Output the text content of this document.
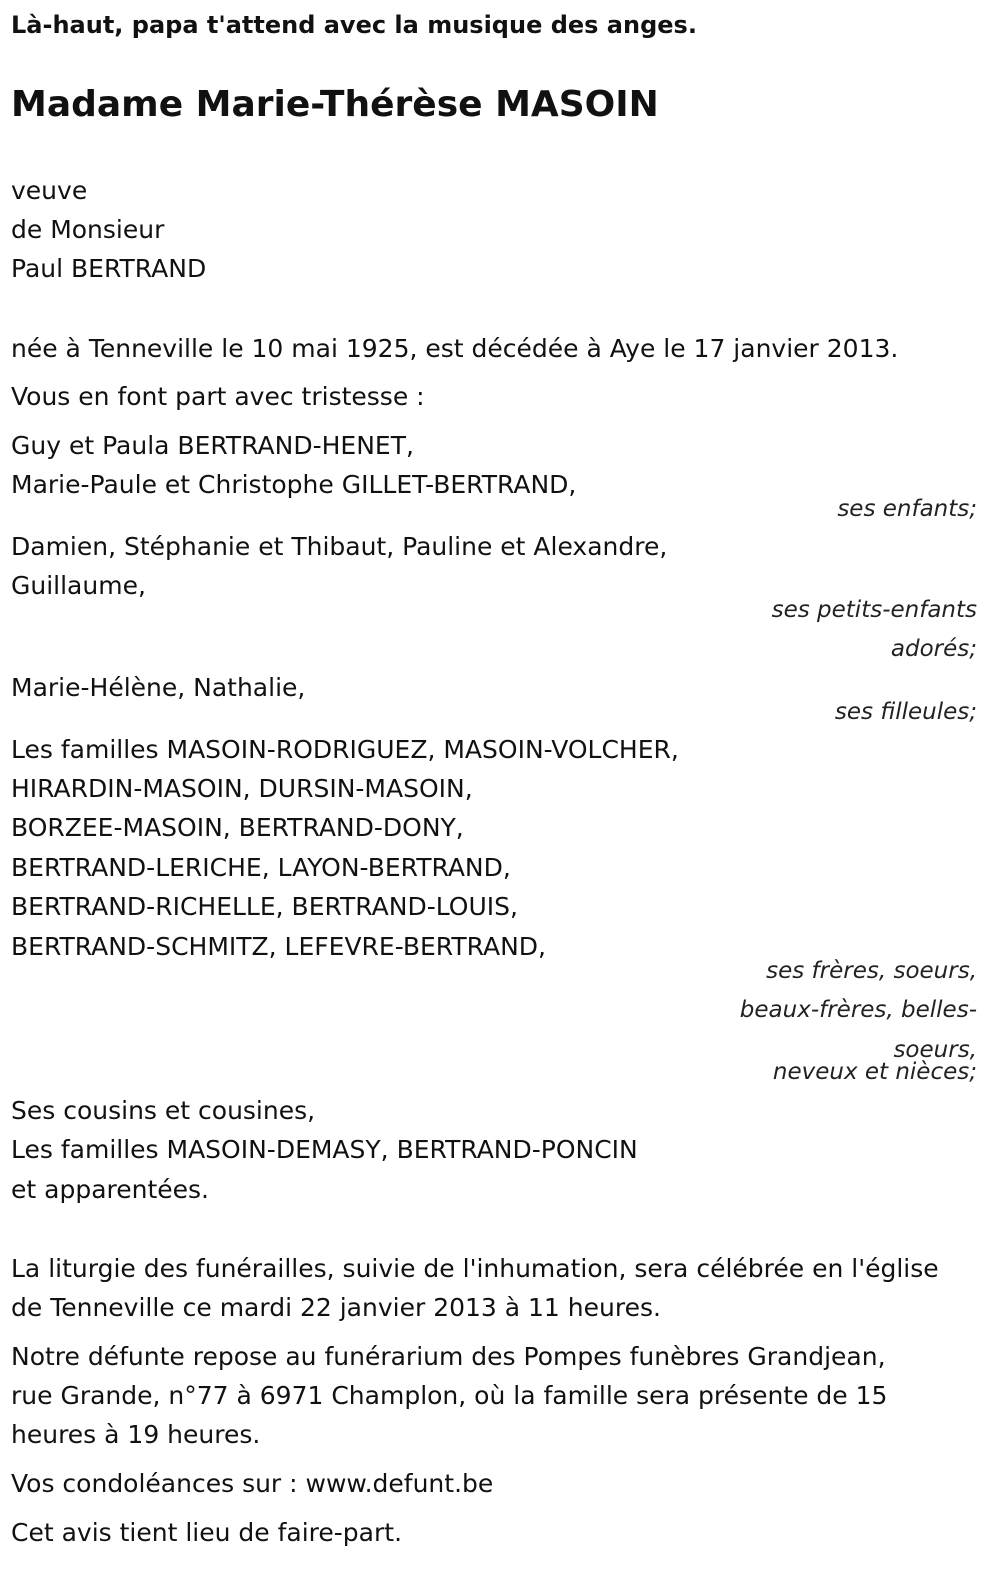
Là-haut, papa t'attend avec la musique des anges.

Madame Marie-Thérèse MASOIN

veuve

de Monsieur

Paul BERTRAND

née à Tenneville le 10 mai 1925, est décédée à Aye le 17 janvier 2013.

Vous en font part avec tristesse :

Guy et Paula BERTRAND-HENET,

Marie-Paule et Christophe GILLET-BERTRAND,

ses enfants;

Damien, Stéphanie et Thibaut, Pauline et Alexandre,

Guillaume,

ses petits-enfants

adorés;

Marie-Hélène, Nathalie,

ses filleules;

Les familles MASOIN-RODRIGUEZ, MASOIN-VOLCHER,

HIRARDIN-MASOIN, DURSIN-MASOIN,

BORZEE-MASOIN, BERTRAND-DONY,

BERTRAND-LERICHE, LAYON-BERTRAND,

BERTRAND-RICHELLE, BERTRAND-LOUIS,

BERTRAND-SCHMITZ, LEFEVRE-BERTRAND,

ses frères, soeurs,

beaux-frères, belles-

soeurs,

neveux et nièces;

Ses cousins et cousines,

Les familles MASOIN-DEMASY, BERTRAND-PONCIN

et apparentées.

La liturgie des funérailles, suivie de l'inhumation, sera célébrée en l'église

de Tenneville ce mardi 22 janvier 2013 à 11 heures.

Notre défunte repose au funérarium des Pompes funèbres Grandjean,

rue Grande, n°77 à 6971 Champlon, où la famille sera présente de 15

heures à 19 heures.

Vos condoléances sur : www.defunt.be

Cet avis tient lieu de faire-part.
